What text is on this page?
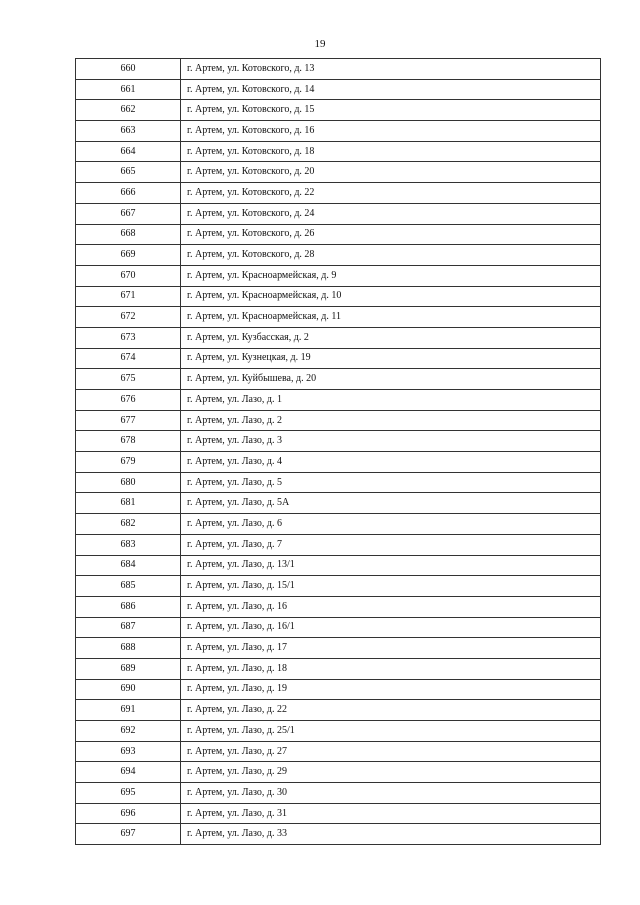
19
660	г. Артем, ул. Котовского, д. 13
661	г. Артем, ул. Котовского, д. 14
662	г. Артем, ул. Котовского, д. 15
663	г. Артем, ул. Котовского, д. 16
664	г. Артем, ул. Котовского, д. 18
665	г. Артем, ул. Котовского, д. 20
666	г. Артем, ул. Котовского, д. 22
667	г. Артем, ул. Котовского, д. 24
668	г. Артем, ул. Котовского, д. 26
669	г. Артем, ул. Котовского, д. 28
670	г. Артем, ул. Красноармейская, д. 9
671	г. Артем, ул. Красноармейская, д. 10
672	г. Артем, ул. Красноармейская, д. 11
673	г. Артем, ул. Кузбасская, д. 2
674	г. Артем, ул. Кузнецкая, д. 19
675	г. Артем, ул. Куйбышева, д. 20
676	г. Артем, ул. Лазо, д. 1
677	г. Артем, ул. Лазо, д. 2
678	г. Артем, ул. Лазо, д. 3
679	г. Артем, ул. Лазо, д. 4
680	г. Артем, ул. Лазо, д. 5
681	г. Артем, ул. Лазо, д. 5А
682	г. Артем, ул. Лазо, д. 6
683	г. Артем, ул. Лазо, д. 7
684	г. Артем, ул. Лазо, д. 13/1
685	г. Артем, ул. Лазо, д. 15/1
686	г. Артем, ул. Лазо, д. 16
687	г. Артем, ул. Лазо, д. 16/1
688	г. Артем, ул. Лазо, д. 17
689	г. Артем, ул. Лазо, д. 18
690	г. Артем, ул. Лазо, д. 19
691	г. Артем, ул. Лазо, д. 22
692	г. Артем, ул. Лазо, д. 25/1
693	г. Артем, ул. Лазо, д. 27
694	г. Артем, ул. Лазо, д. 29
695	г. Артем, ул. Лазо, д. 30
696	г. Артем, ул. Лазо, д. 31
697	г. Артем, ул. Лазо, д. 33
